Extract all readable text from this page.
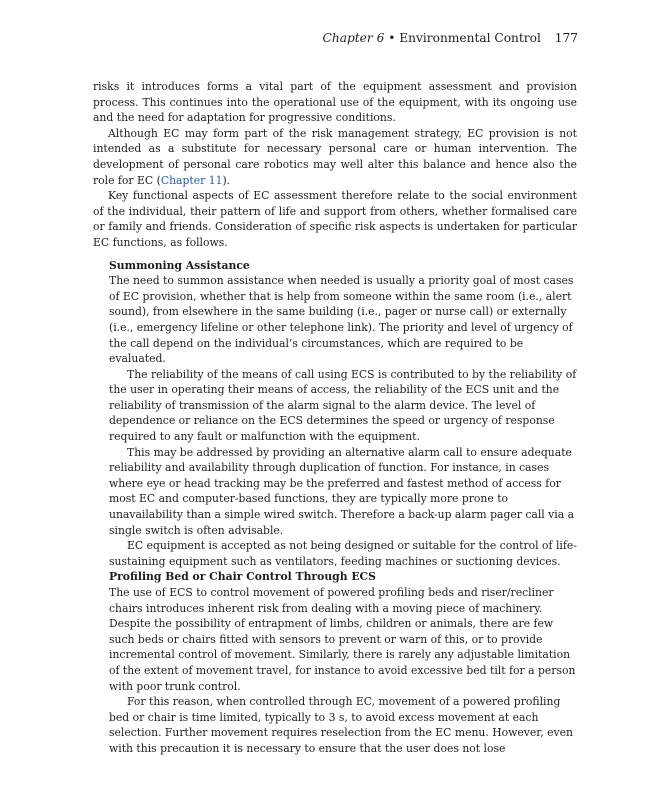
Chapter 6 • Environmental Control 177

risks it introduces forms a vital part of the equipment assessment and provision process. This continues into the operational use of the equipment, with its ongoing use and the need for adaptation for progressive conditions.

Although EC may form part of the risk management strategy, EC provision is not intended as a substitute for necessary personal care or human intervention. The development of personal care robotics may well alter this balance and hence also the role for EC (Chapter 11).

Key functional aspects of EC assessment therefore relate to the social environment of the individual, their pattern of life and support from others, whether formalised care or family and friends. Consideration of specific risk aspects is undertaken for particular EC functions, as follows.

Summoning Assistance

The need to summon assistance when needed is usually a priority goal of most cases of EC provision, whether that is help from someone within the same room (i.e., alert sound), from elsewhere in the same building (i.e., pager or nurse call) or externally (i.e., emergency lifeline or other telephone link). The priority and level of urgency of the call depend on the individual’s circumstances, which are required to be evaluated.

The reliability of the means of call using ECS is contributed to by the reliability of the user in operating their means of access, the reliability of the ECS unit and the reliability of transmission of the alarm signal to the alarm device. The level of dependence or reliance on the ECS determines the speed or urgency of response required to any fault or malfunction with the equipment.

This may be addressed by providing an alternative alarm call to ensure adequate reliability and availability through duplication of function. For instance, in cases where eye or head tracking may be the preferred and fastest method of access for most EC and computer-based functions, they are typically more prone to unavailability than a simple wired switch. Therefore a back-up alarm pager call via a single switch is often advisable.

EC equipment is accepted as not being designed or suitable for the control of life-sustaining equipment such as ventilators, feeding machines or suctioning devices.

Profiling Bed or Chair Control Through ECS

The use of ECS to control movement of powered profiling beds and riser/recliner chairs introduces inherent risk from dealing with a moving piece of machinery. Despite the possibility of entrapment of limbs, children or animals, there are few such beds or chairs fitted with sensors to prevent or warn of this, or to provide incremental control of movement. Similarly, there is rarely any adjustable limitation of the extent of movement travel, for instance to avoid excessive bed tilt for a person with poor trunk control.

For this reason, when controlled through EC, movement of a powered profiling bed or chair is time limited, typically to 3 s, to avoid excess movement at each selection. Further movement requires reselection from the EC menu. However, even with this precaution it is necessary to ensure that the user does not lose
